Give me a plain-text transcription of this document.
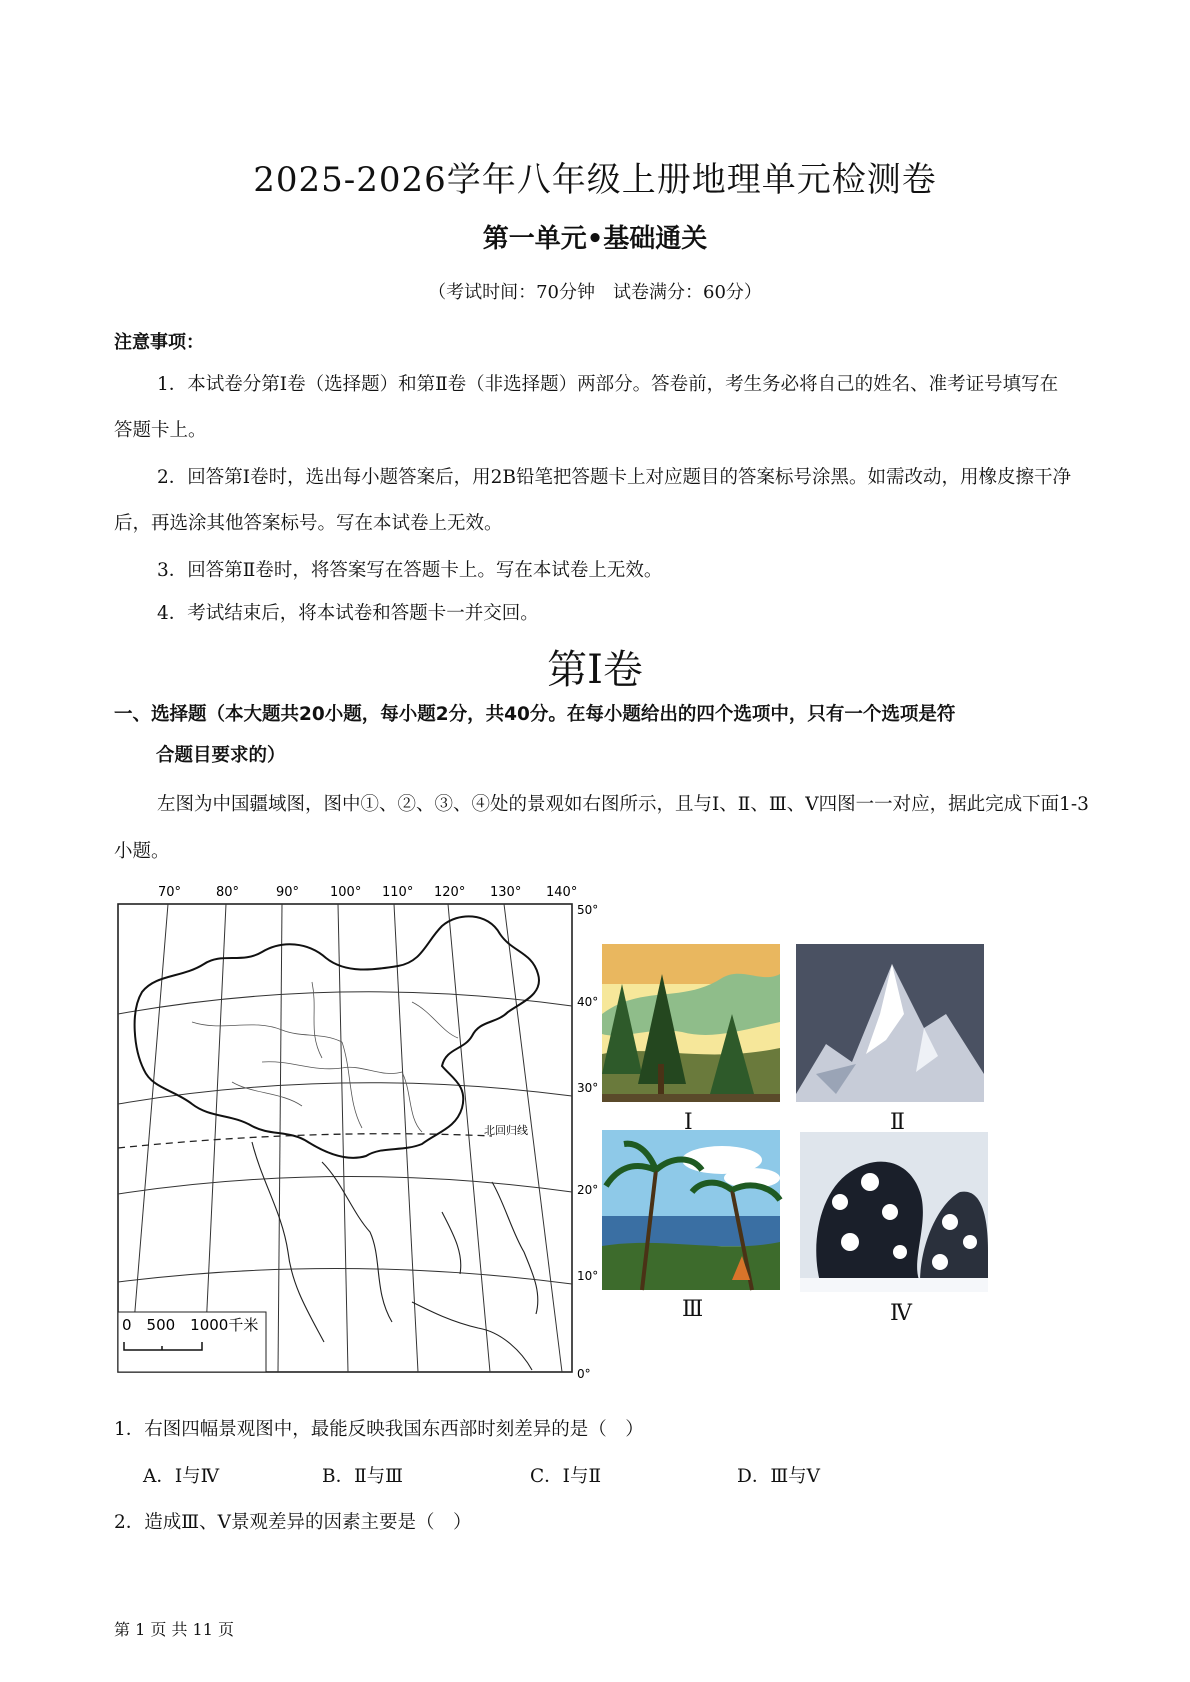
2025-2026学年八年级上册地理单元检测卷
第一单元•基础通关
（考试时间：70分钟　试卷满分：60分）
注意事项：
1．本试卷分第Ⅰ卷（选择题）和第Ⅱ卷（非选择题）两部分。答卷前，考生务必将自己的姓名、准考证号填写在答题卡上。
2．回答第Ⅰ卷时，选出每小题答案后，用2B铅笔把答题卡上对应题目的答案标号涂黑。如需改动，用橡皮擦干净后，再选涂其他答案标号。写在本试卷上无效。
3．回答第Ⅱ卷时，将答案写在答题卡上。写在本试卷上无效。
4．考试结束后，将本试卷和答题卡一并交回。
第Ⅰ卷
一、选择题（本大题共20小题，每小题2分，共40分。在每小题给出的四个选项中，只有一个选项是符
合题目要求的）
左图为中国疆域图，图中①、②、③、④处的景观如右图所示，且与Ⅰ、Ⅱ、Ⅲ、Ⅴ四图一一对应，据此完成下面1-3小题。
70°	80°	90° 100° 110° 120° 130° 140°
50°
40°
30°
20°
10°
0°
北回归线
0　500　1000千米
Ⅰ	Ⅱ
Ⅲ	Ⅳ
1．右图四幅景观图中，最能反映我国东西部时刻差异的是（　）
A．Ⅰ与Ⅳ	B．Ⅱ与Ⅲ	C．Ⅰ与Ⅱ	D．Ⅲ与Ⅴ
2．造成Ⅲ、Ⅴ景观差异的因素主要是（　）
第 1 页 共 11 页
